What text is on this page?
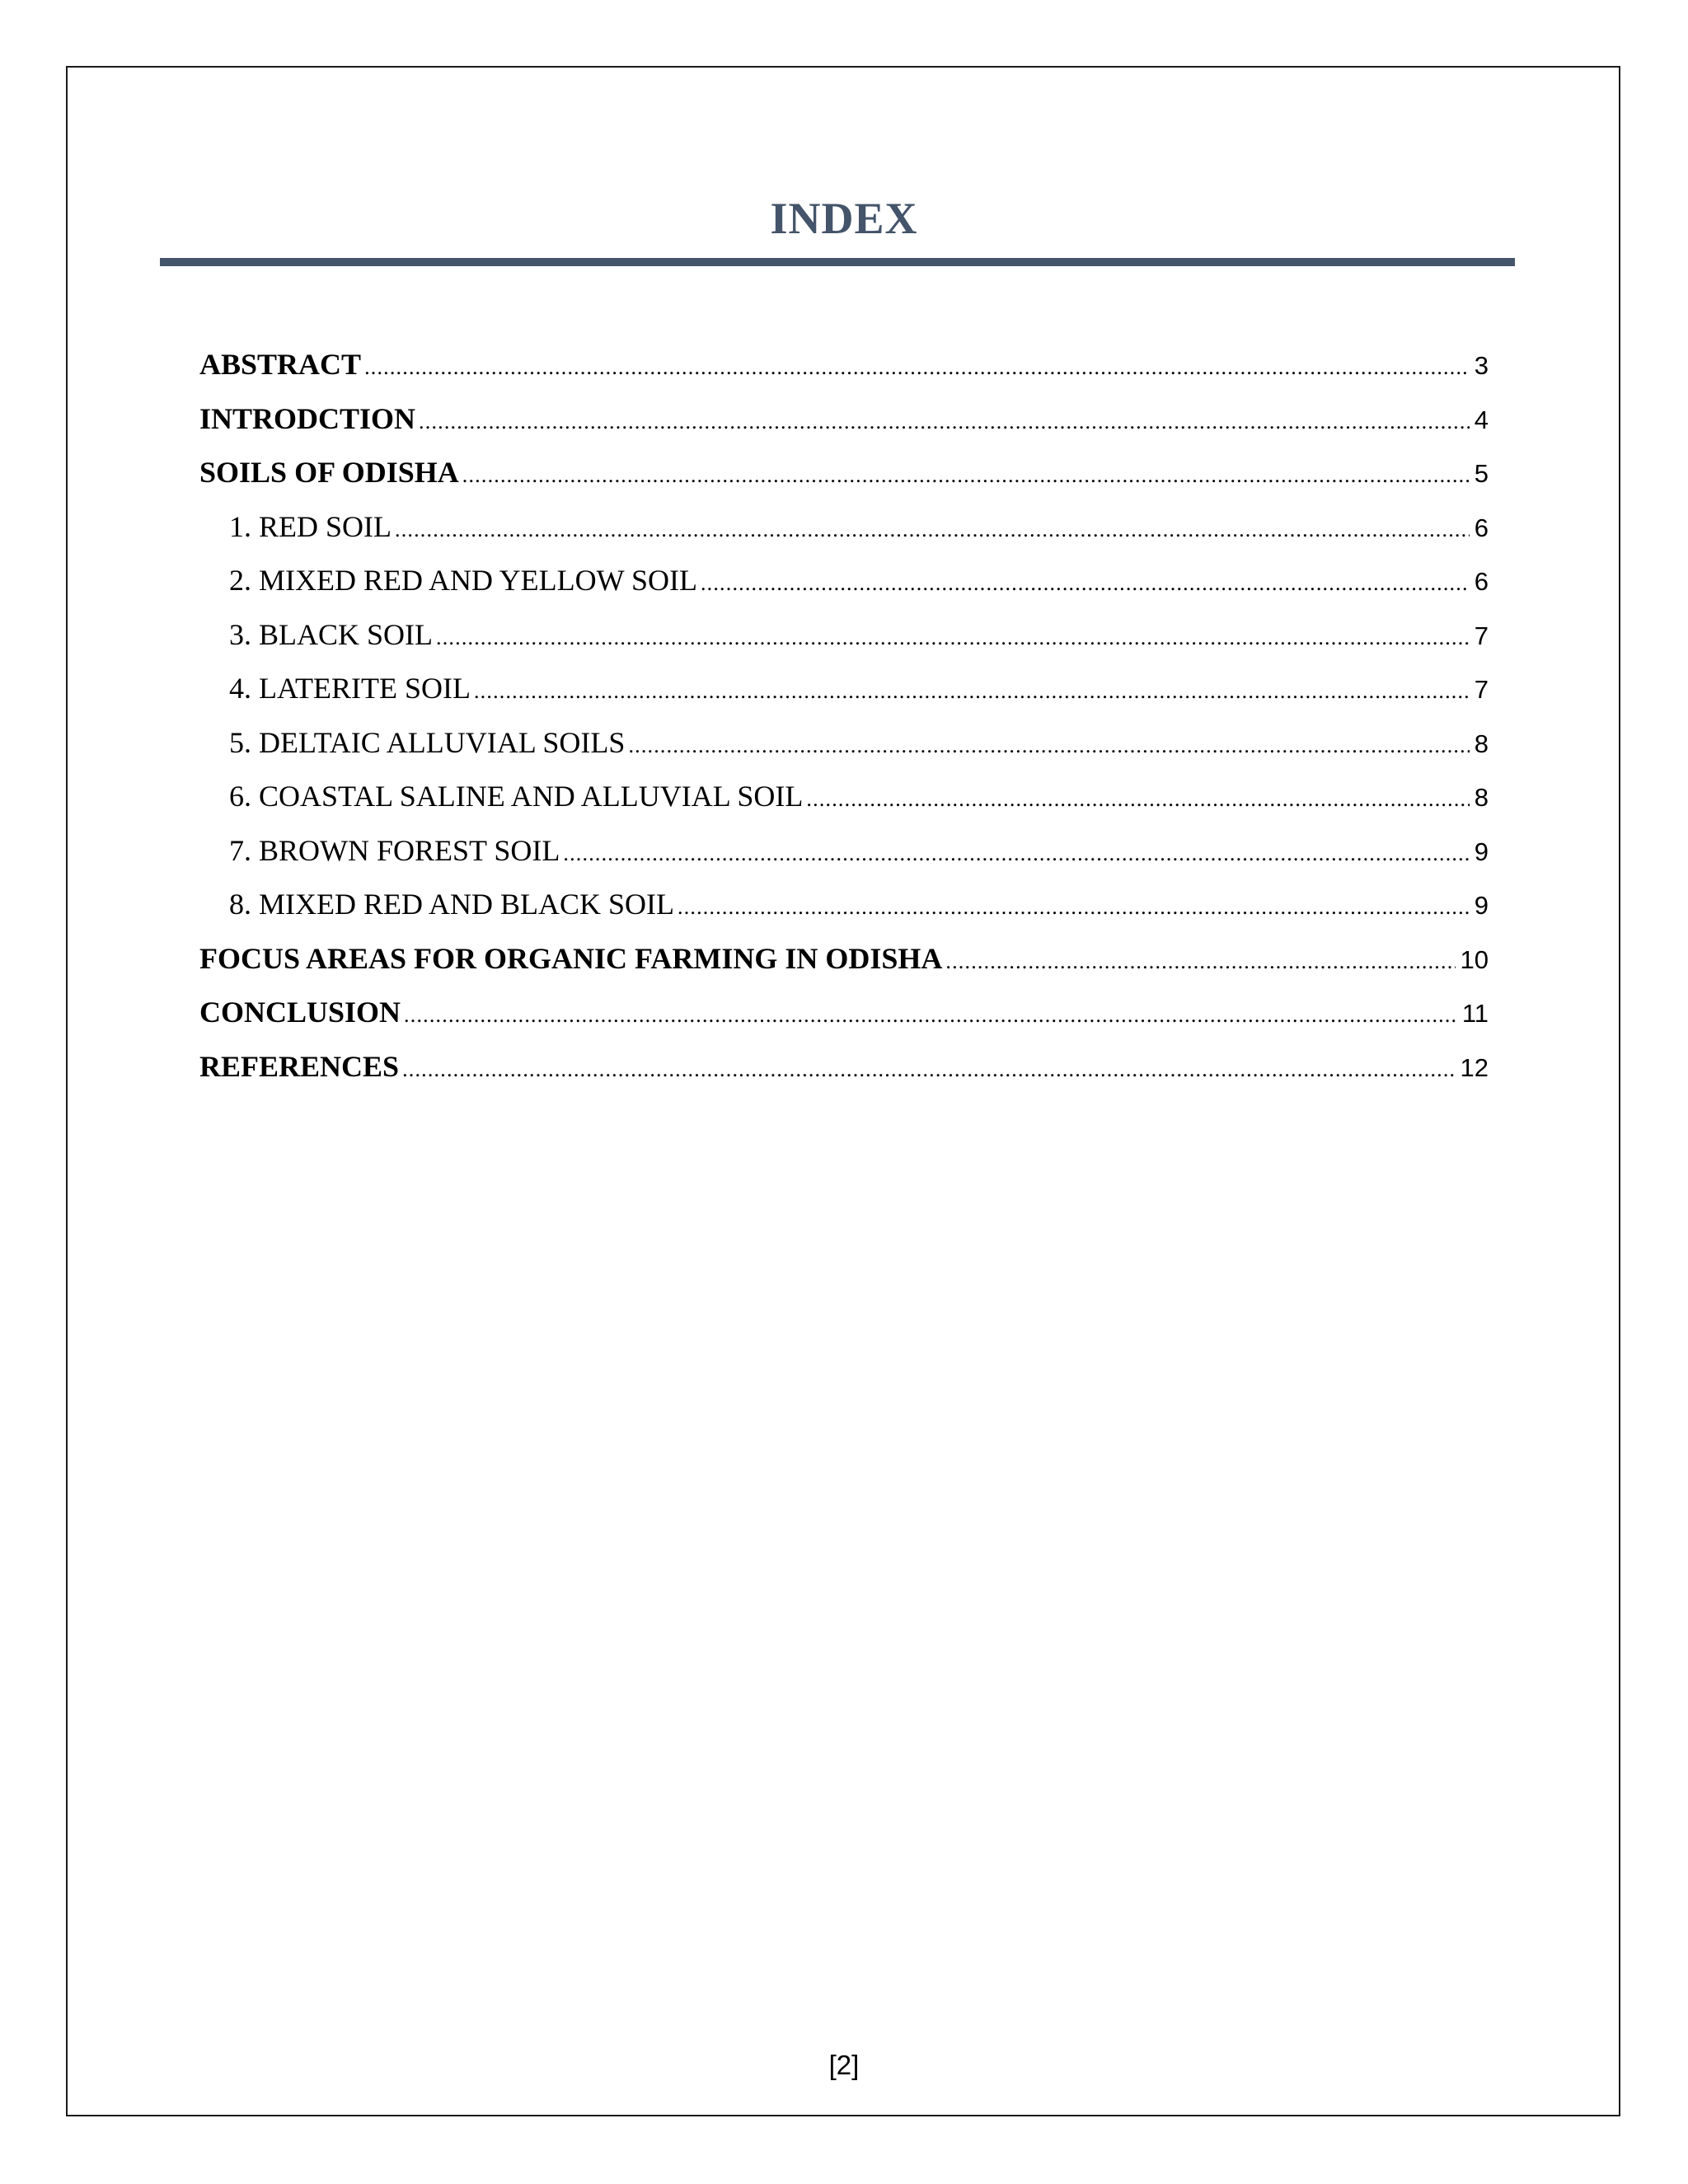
INDEX
ABSTRACT .....	3
INTRODCTION .....	4
SOILS OF ODISHA .....	5
1. RED SOIL .....	6
2. MIXED RED AND YELLOW SOIL .....	6
3. BLACK SOIL .....	7
4. LATERITE SOIL .....	7
5. DELTAIC ALLUVIAL SOILS .....	8
6. COASTAL SALINE AND ALLUVIAL SOIL .....	8
7. BROWN FOREST SOIL .....	9
8. MIXED RED AND BLACK SOIL .....	9
FOCUS AREAS FOR ORGANIC FARMING IN ODISHA .....	10
CONCLUSION .....	11
REFERENCES .....	12
[2]
